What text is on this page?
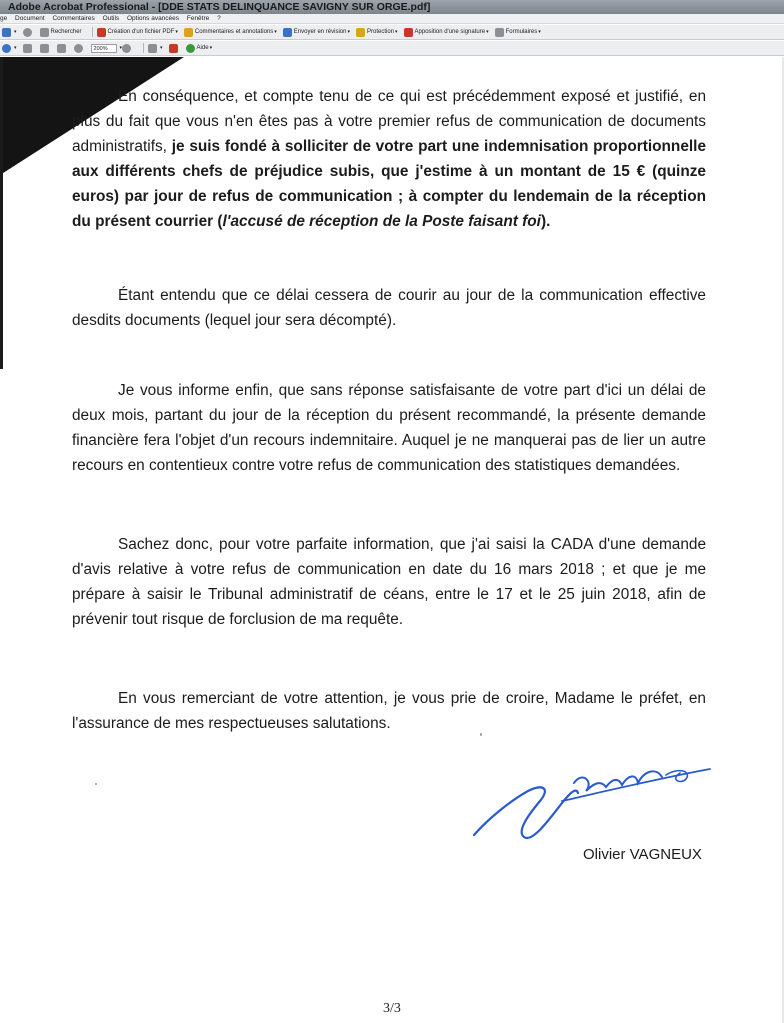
Adobe Acrobat Professional - [DDE STATS DELINQUANCE SAVIGNY SUR ORGE.pdf]
ge Document Commentaires Outils Options avancées Fenêtre ?
▾	Rechercher	Création d'un fichier PDF ▾	Commentaires et annotations ▾	Envoyer en révision ▾	Protection ▾	Apposition d'une signature ▾	Formulaires ▾
▾	200%	▾	▾	Aide ▾
En conséquence, et compte tenu de ce qui est précédemment exposé et justifié, en plus du fait que vous n'en êtes pas à votre premier refus de communication de documents administratifs, je suis fondé à solliciter de votre part une indemnisation proportionnelle aux différents chefs de préjudice subis, que j'estime à un montant de 15 € (quinze euros) par jour de refus de communication ; à compter du lendemain de la réception du présent courrier (l'accusé de réception de la Poste faisant foi).
Étant entendu que ce délai cessera de courir au jour de la communication effective desdits documents (lequel jour sera décompté).
Je vous informe enfin, que sans réponse satisfaisante de votre part d'ici un délai de deux mois, partant du jour de la réception du présent recommandé, la présente demande financière fera l'objet d'un recours indemnitaire. Auquel je ne manquerai pas de lier un autre recours en contentieux contre votre refus de communication des statistiques demandées.
Sachez donc, pour votre parfaite information, que j'ai saisi la CADA d'une demande d'avis relative à votre refus de communication en date du 16 mars 2018 ; et que je me prépare à saisir le Tribunal administratif de céans, entre le 17 et le 25 juin 2018, afin de prévenir tout risque de forclusion de ma requête.
En vous remerciant de votre attention, je vous prie de croire, Madame le préfet, en l'assurance de mes respectueuses salutations.
Olivier VAGNEUX
3/3
